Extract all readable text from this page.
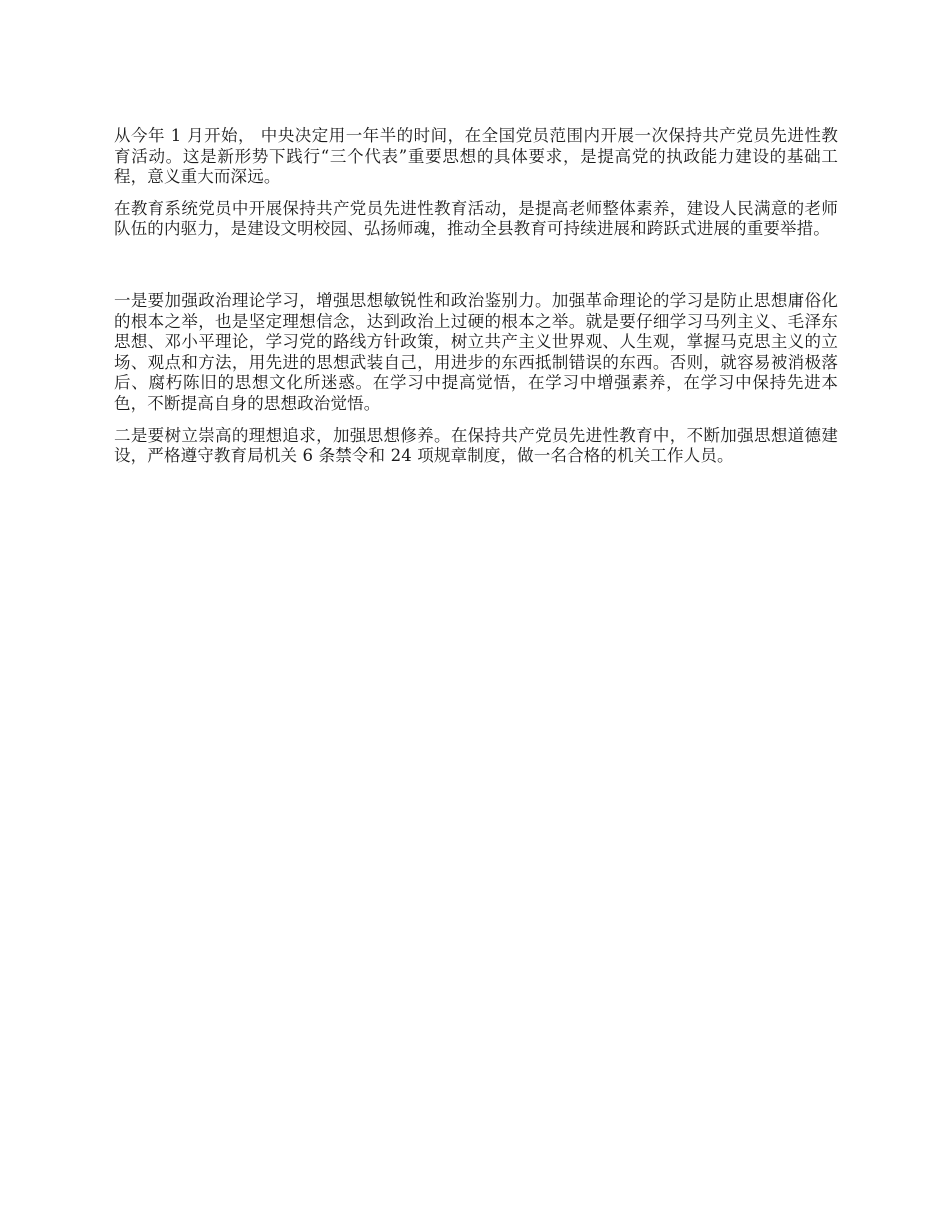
从今年 1 月开始， 中央决定用一年半的时间，在全国党员范围内开展一次保持共产党员先进性教育活动。这是新形势下践行“三个代表”重要思想的具体要求，是提高党的执政能力建设的基础工程，意义重大而深远。

在教育系统党员中开展保持共产党员先进性教育活动，是提高老师整体素养，建设人民满意的老师队伍的内驱力，是建设文明校园、弘扬师魂，推动全县教育可持续进展和跨跃式进展的重要举措。

一是要加强政治理论学习，增强思想敏锐性和政治鉴别力。加强革命理论的学习是防止思想庸俗化的根本之举，也是坚定理想信念，达到政治上过硬的根本之举。就是要仔细学习马列主义、毛泽东思想、邓小平理论，学习党的路线方针政策，树立共产主义世界观、人生观，掌握马克思主义的立场、观点和方法，用先进的思想武装自己，用进步的东西抵制错误的东西。否则，就容易被消极落后、腐朽陈旧的思想文化所迷惑。在学习中提高觉悟，在学习中增强素养，在学习中保持先进本色，不断提高自身的思想政治觉悟。

二是要树立崇高的理想追求，加强思想修养。在保持共产党员先进性教育中，不断加强思想道德建设，严格遵守教育局机关 6 条禁令和 24 项规章制度，做一名合格的机关工作人员。
